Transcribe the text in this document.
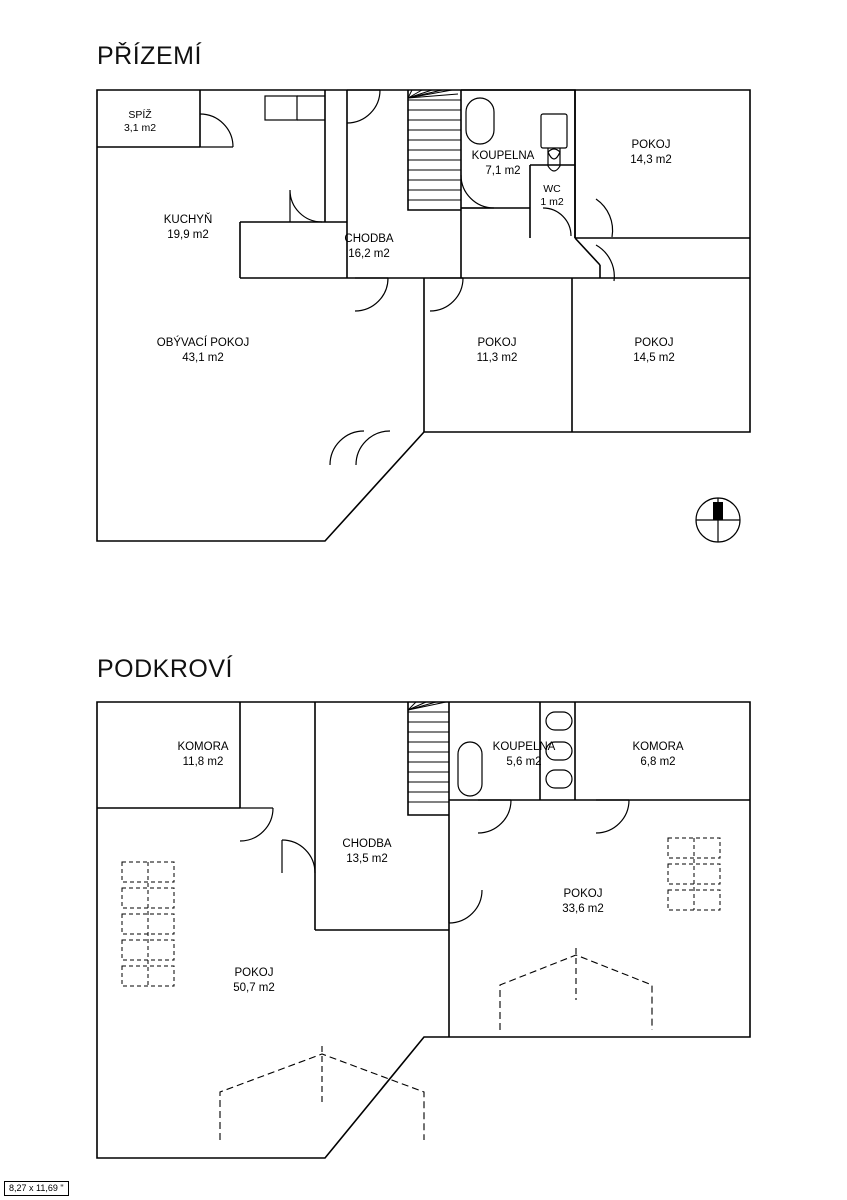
PŘÍZEMÍ
PODKROVÍ
SPÍŽ
3,1 m2
KUCHYŇ
19,9 m2	CHODBA
16,2 m2
KOUPELNA
7,1 m2
WC
1 m2
POKOJ
14,3 m2
OBÝVACÍ POKOJ
43,1 m2
POKOJ
11,3 m2
POKOJ
14,5 m2
KOMORA
11,8 m2
CHODBA
13,5 m2
KOUPELNA
5,6 m2
KOMORA
6,8 m2
POKOJ
33,6 m2
POKOJ
50,7 m2
8,27 x 11,69 "
